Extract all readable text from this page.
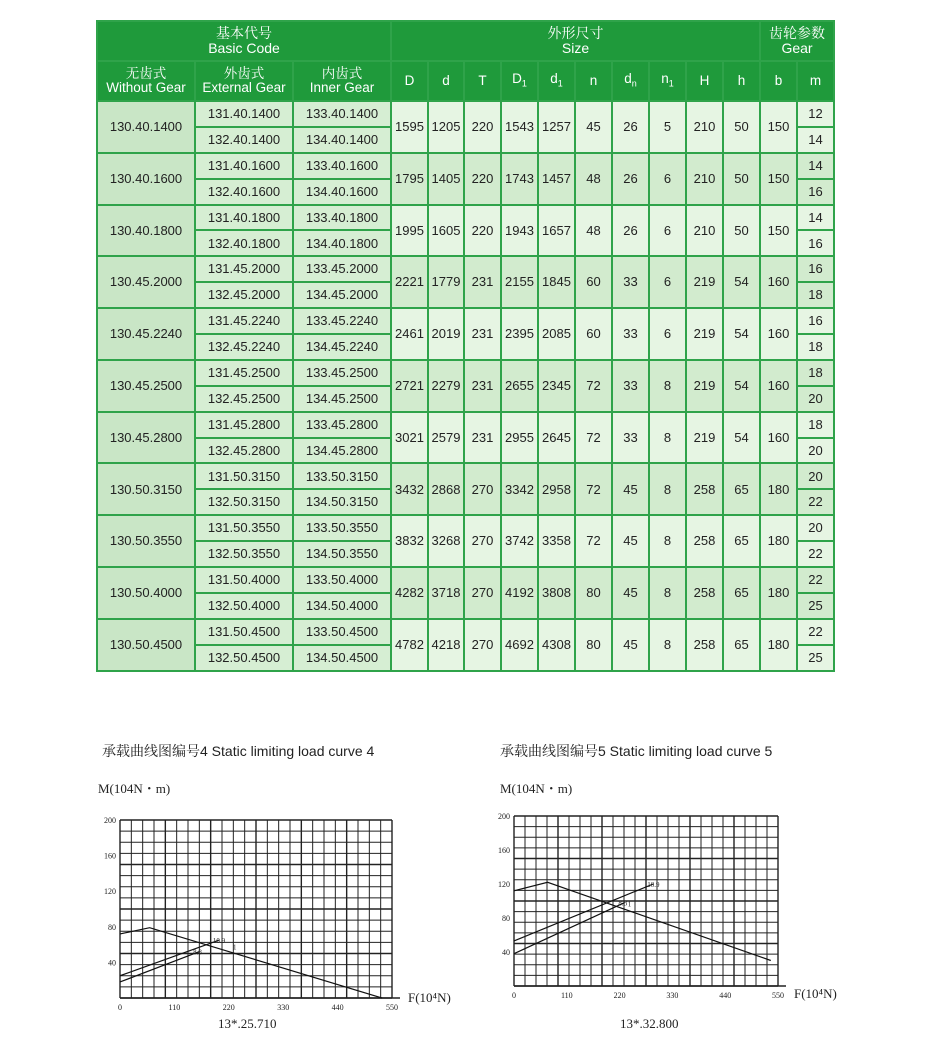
基本代号
Basic Code			外形尺寸
Size										齿轮参数
Gear	
无齿式
Without Gear	外齿式
External Gear	内齿式
Inner Gear	D	d	T	$D_1$	$d_1$	n	$d_n$	$n_1$	H	h	b	m
130.40.1400	131.40.1400	133.40.1400	1595	1205	220	1543	1257	45	26	5	210	50	150	12
	132.40.1400	134.40.1400												14
130.40.1600	131.40.1600	133.40.1600	1795	1405	220	1743	1457	48	26	6	210	50	150	14
	132.40.1600	134.40.1600												16
130.40.1800	131.40.1800	133.40.1800	1995	1605	220	1943	1657	48	26	6	210	50	150	14
	132.40.1800	134.40.1800												16
130.45.2000	131.45.2000	133.45.2000	2221	1779	231	2155	1845	60	33	6	219	54	160	16
	132.45.2000	134.45.2000												18
130.45.2240	131.45.2240	133.45.2240	2461	2019	231	2395	2085	60	33	6	219	54	160	16
	132.45.2240	134.45.2240												18
130.45.2500	131.45.2500	133.45.2500	2721	2279	231	2655	2345	72	33	8	219	54	160	18
	132.45.2500	134.45.2500												20
130.45.2800	131.45.2800	133.45.2800	3021	2579	231	2955	2645	72	33	8	219	54	160	18
	132.45.2800	134.45.2800												20
130.50.3150	131.50.3150	133.50.3150	3432	2868	270	3342	2958	72	45	8	258	65	180	20
	132.50.3150	134.50.3150												22
130.50.3550	131.50.3550	133.50.3550	3832	3268	270	3742	3358	72	45	8	258	65	180	20
	132.50.3550	134.50.3550												22
130.50.4000	131.50.4000	133.50.4000	4282	3718	270	4192	3808	80	45	8	258	65	180	22
	132.50.4000	134.50.4000												25
130.50.4500	131.50.4500	133.50.4500	4782	4218	270	4692	4308	80	45	8	258	65	180	22
	132.50.4500	134.50.4500												25
承载曲线图编号4 Static limiting load curve 4
M(104N・m)
200
160
120
80
40
0	110	220	330	440	550
1
10.9
8.8
F(10⁴N)
13*.25.710
承载曲线图编号5 Static limiting load curve 5
M(104N・m)
200
160
120
80
40
0	110	220	330	440	550
1
10.9
8.8
F(10⁴N)
13*.32.800
